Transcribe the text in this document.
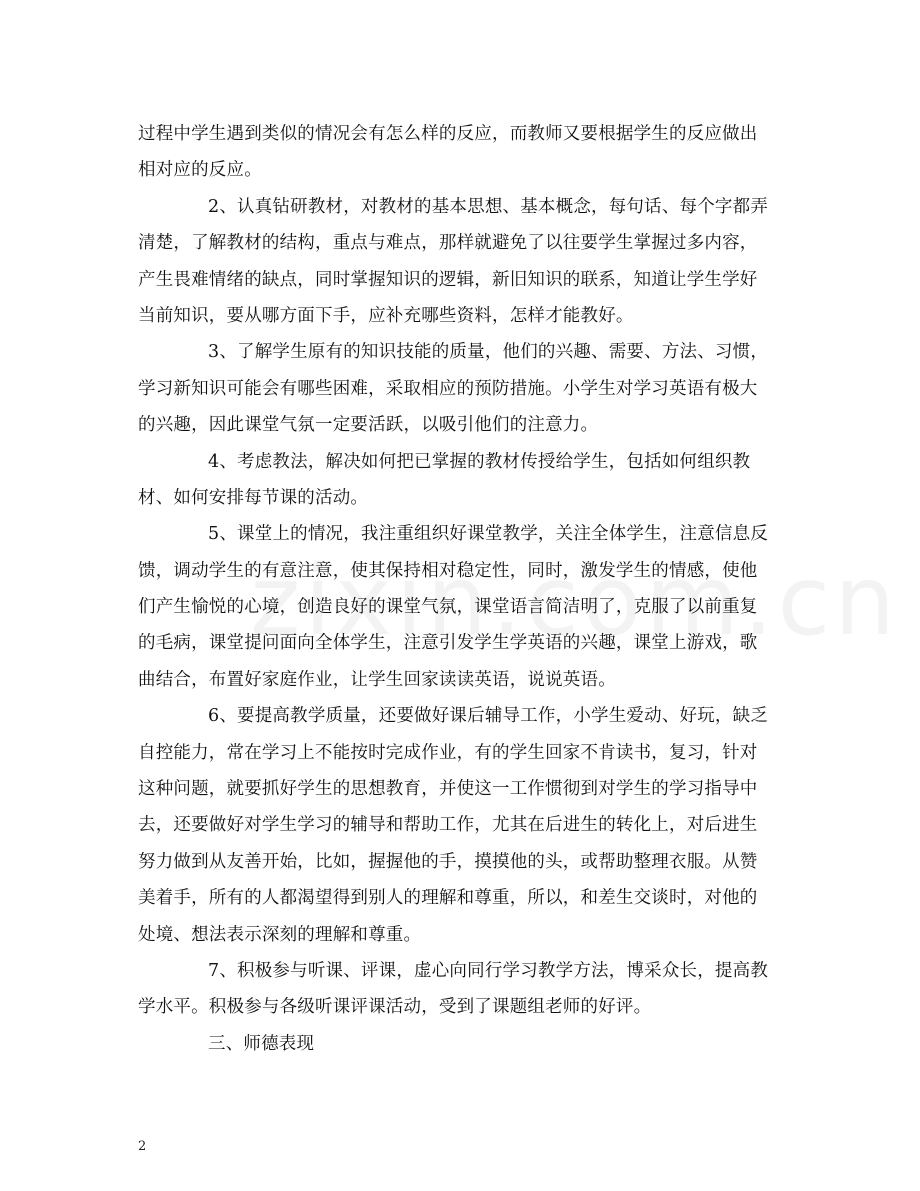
过程中学生遇到类似的情况会有怎么样的反应，而教师又要根据学生的反应做出
相对应的反应。
2、认真钻研教材，对教材的基本思想、基本概念，每句话、每个字都弄
清楚，了解教材的结构，重点与难点，那样就避免了以往要学生掌握过多内容，
产生畏难情绪的缺点，同时掌握知识的逻辑，新旧知识的联系，知道让学生学好
当前知识，要从哪方面下手，应补充哪些资料，怎样才能教好。
3、了解学生原有的知识技能的质量，他们的兴趣、需要、方法、习惯，
学习新知识可能会有哪些困难，采取相应的预防措施。小学生对学习英语有极大
的兴趣，因此课堂气氛一定要活跃，以吸引他们的注意力。
4、考虑教法，解决如何把已掌握的教材传授给学生，包括如何组织教
材、如何安排每节课的活动。
5、课堂上的情况，我注重组织好课堂教学，关注全体学生，注意信息反
馈，调动学生的有意注意，使其保持相对稳定性，同时，激发学生的情感，使他
们产生愉悦的心境，创造良好的课堂气氛，课堂语言简洁明了，克服了以前重复
的毛病，课堂提问面向全体学生，注意引发学生学英语的兴趣，课堂上游戏，歌
曲结合，布置好家庭作业，让学生回家读读英语，说说英语。
6、要提高教学质量，还要做好课后辅导工作，小学生爱动、好玩，缺乏
自控能力，常在学习上不能按时完成作业，有的学生回家不肯读书，复习，针对
这种问题，就要抓好学生的思想教育，并使这一工作惯彻到对学生的学习指导中
去，还要做好对学生学习的辅导和帮助工作，尤其在后进生的转化上，对后进生
努力做到从友善开始，比如，握握他的手，摸摸他的头，或帮助整理衣服。从赞
美着手，所有的人都渴望得到别人的理解和尊重，所以，和差生交谈时，对他的
处境、想法表示深刻的理解和尊重。
7、积极参与听课、评课，虚心向同行学习教学方法，博采众长，提高教
学水平。积极参与各级听课评课活动，受到了课题组老师的好评。
三、师德表现
2
